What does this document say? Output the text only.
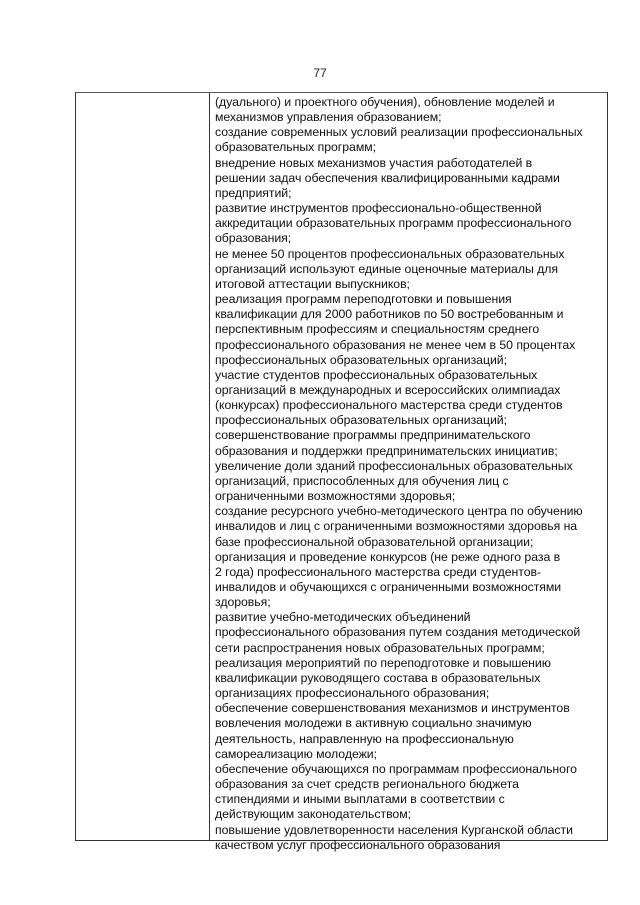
77
(дуального) и проектного обучения), обновление моделей и
механизмов управления образованием;
создание современных условий реализации профессиональных
образовательных программ;
внедрение новых механизмов участия работодателей в
решении задач обеспечения квалифицированными кадрами
предприятий;
развитие инструментов профессионально-общественной
аккредитации образовательных программ профессионального
образования;
не менее 50 процентов профессиональных образовательных
организаций используют единые оценочные материалы для
итоговой аттестации выпускников;
реализация программ переподготовки и повышения
квалификации для 2000 работников по 50 востребованным и
перспективным профессиям и специальностям среднего
профессионального образования не менее чем в 50 процентах
профессиональных образовательных организаций;
участие студентов профессиональных образовательных
организаций в международных и всероссийских олимпиадах
(конкурсах) профессионального мастерства среди студентов
профессиональных образовательных организаций;
совершенствование программы предпринимательского
образования и поддержки предпринимательских инициатив;
увеличение доли зданий профессиональных образовательных
организаций, приспособленных для обучения лиц с
ограниченными возможностями здоровья;
создание ресурсного учебно-методического центра по обучению
инвалидов и лиц с ограниченными возможностями здоровья на
базе профессиональной образовательной организации;
организация и проведение конкурсов (не реже одного раза в
2 года) профессионального мастерства среди студентов-
инвалидов и обучающихся с ограниченными возможностями
здоровья;
развитие учебно-методических объединений
профессионального образования путем создания методической
сети распространения новых образовательных программ;
реализация мероприятий по переподготовке и повышению
квалификации руководящего состава в образовательных
организациях профессионального образования;
обеспечение совершенствования механизмов и инструментов
вовлечения молодежи в активную социально значимую
деятельность, направленную на профессиональную
самореализацию молодежи;
обеспечение обучающихся по программам профессионального
образования за счет средств регионального бюджета
стипендиями и иными выплатами в соответствии с
действующим законодательством;
повышение удовлетворенности населения Курганской области
качеством услуг профессионального образования
